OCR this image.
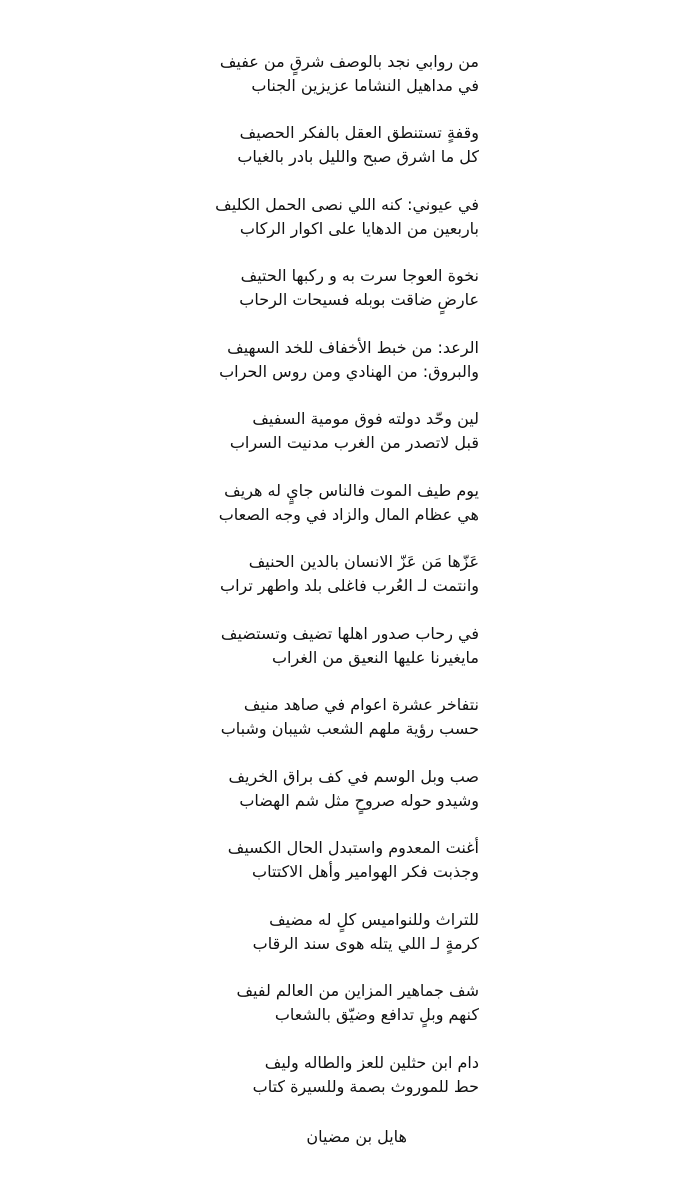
من روابي نجد بالوصف شرقٍ من عفيف
في مداهيل النشاما عزيزين الجناب
وقفةٍ تستنطق العقل بالفكر الحصيف
كل ما اشرق صبح والليل بادر بالغياب
في عيوني: كنه اللي نصى الحمل الكليف
باربعين من الدهايا على اكوار الركاب
نخوة العوجا سرت به و ركبها الحتيف
عارضٍ ضاقت بوبله فسيحات الرحاب
الرعد: من خبط الأخفاف للخد السهيف
والبروق: من الهنادي ومن روس الحراب
لين وحّد دولته فوق مومية السفيف
قبل لاتصدر من الغرب مدنيت السراب
يوم طيف الموت فالناس جايٍ له هريف
هي عظام المال والزاد في وجه الصعاب
عَزّها مَن عَزّ الانسان بالدين الحنيف
وانتمت لـ العُرب فاغلى بلد واطهر تراب
في رحاب صدور اهلها تضيف وتستضيف
مايغيرنا عليها النعيق من الغراب
نتفاخر عشرة اعوام في صاهد منيف
حسب رؤية ملهم الشعب شيبان وشباب
صب وبل الوسم في كف براق الخريف
وشيدو حوله صروحٍ مثل شم الهضاب
أغنت المعدوم واستبدل الحال الكسيف
وجذبت فكر الهوامير وأهل الاكتتاب
للتراث وللنواميس كلٍ له مضيف
كرمةٍ لـ اللي يتله هوى سند الرقاب
شف جماهير المزاين من العالم لفيف
كنهم وبلٍ تدافع وضيّق بالشعاب
دام ابن حثلين للعز والطاله وليف
حط للموروث بصمة وللسيرة كتاب
هايل بن مضيان
